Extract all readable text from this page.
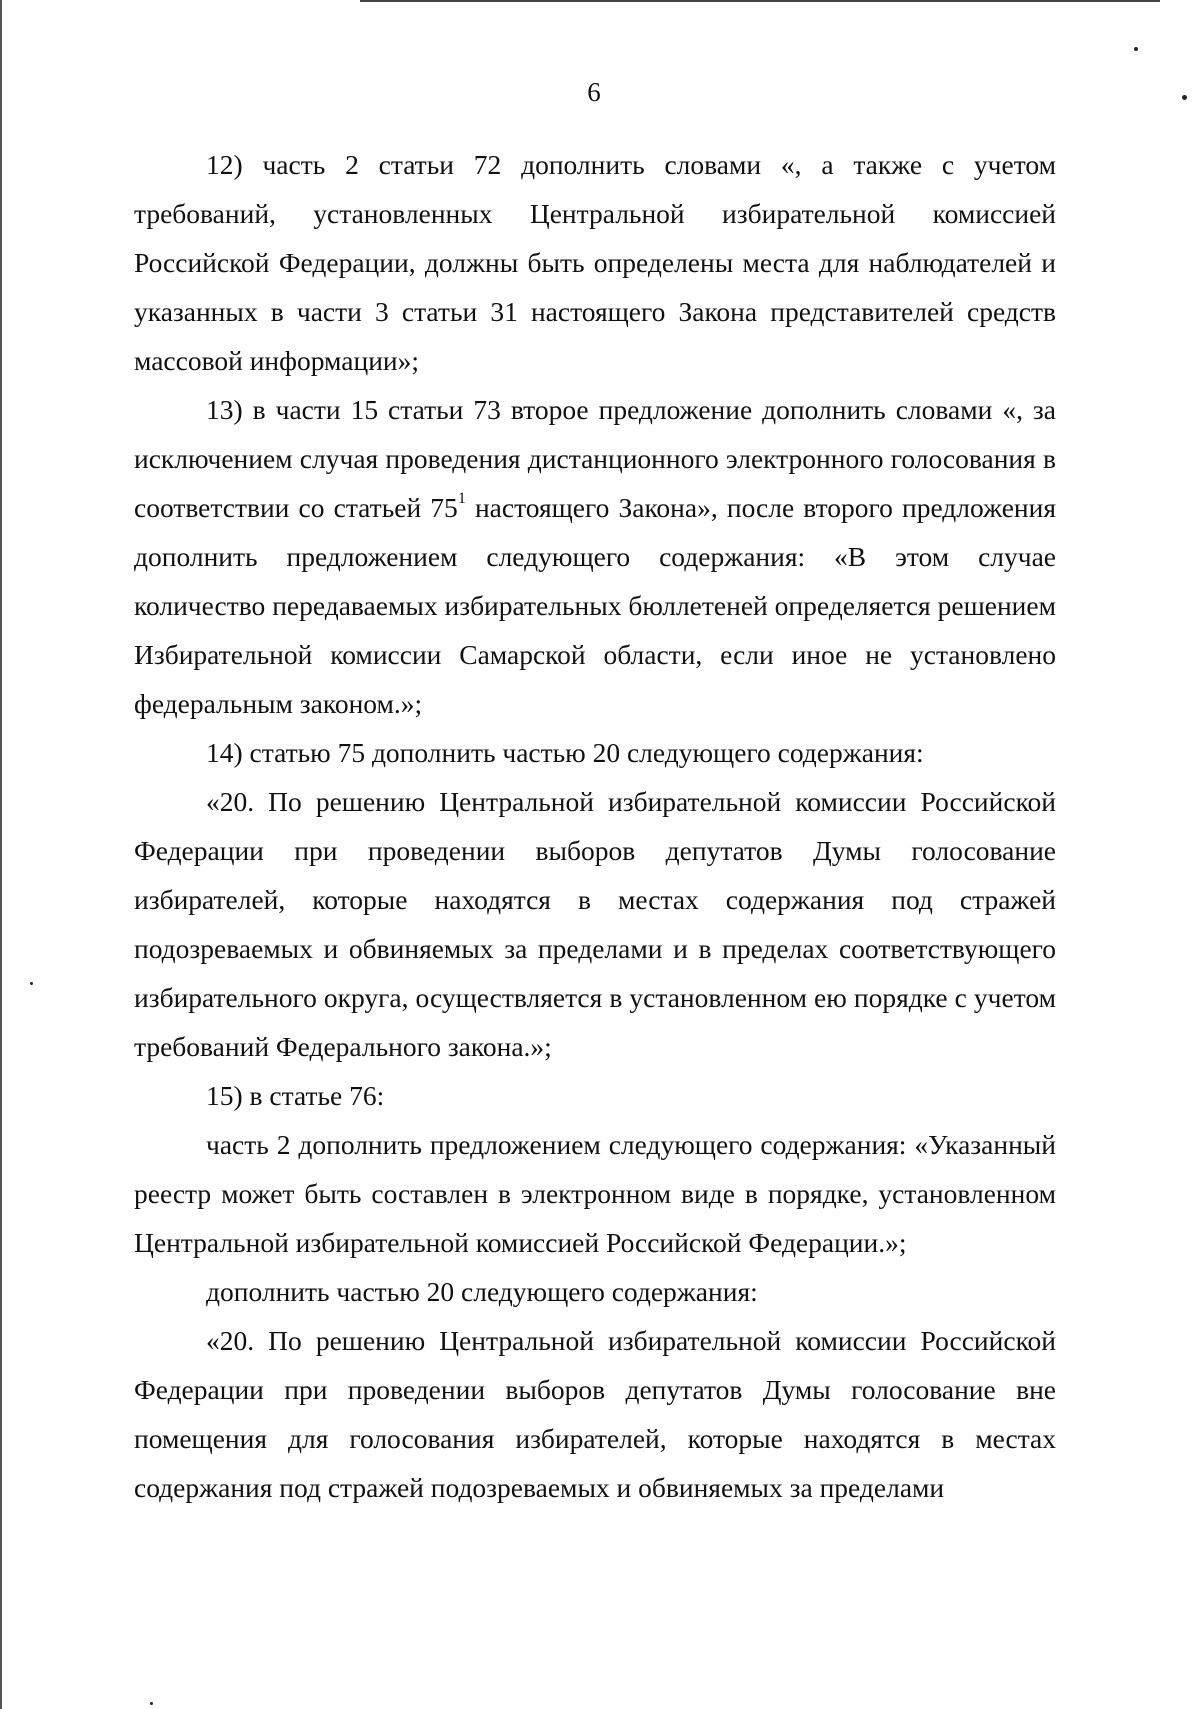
6

12) часть 2 статьи 72 дополнить словами «, а также с учетом требований, установленных Центральной избирательной комиссией Российской Федерации, должны быть определены места для наблюдателей и указанных в части 3 статьи 31 настоящего Закона представителей средств массовой информации»;

13) в части 15 статьи 73 второе предложение дополнить словами «, за исключением случая проведения дистанционного электронного голосования в соответствии со статьей 75$^1$ настоящего Закона», после второго предложения дополнить предложением следующего содержания: «В этом случае количество передаваемых избирательных бюллетеней определяется решением Избирательной комиссии Самарской области, если иное не установлено федеральным законом.»;

14) статью 75 дополнить частью 20 следующего содержания:

«20. По решению Центральной избирательной комиссии Российской Федерации при проведении выборов депутатов Думы голосование избирателей, которые находятся в местах содержания под стражей подозреваемых и обвиняемых за пределами и в пределах соответствующего избирательного округа, осуществляется в установленном ею порядке с учетом требований Федерального закона.»;

15) в статье 76:

часть 2 дополнить предложением следующего содержания: «Указанный реестр может быть составлен в электронном виде в порядке, установленном Центральной избирательной комиссией Российской Федерации.»;

дополнить частью 20 следующего содержания:

«20. По решению Центральной избирательной комиссии Российской Федерации при проведении выборов депутатов Думы голосование вне помещения для голосования избирателей, которые находятся в местах содержания под стражей подозреваемых и обвиняемых за пределами
